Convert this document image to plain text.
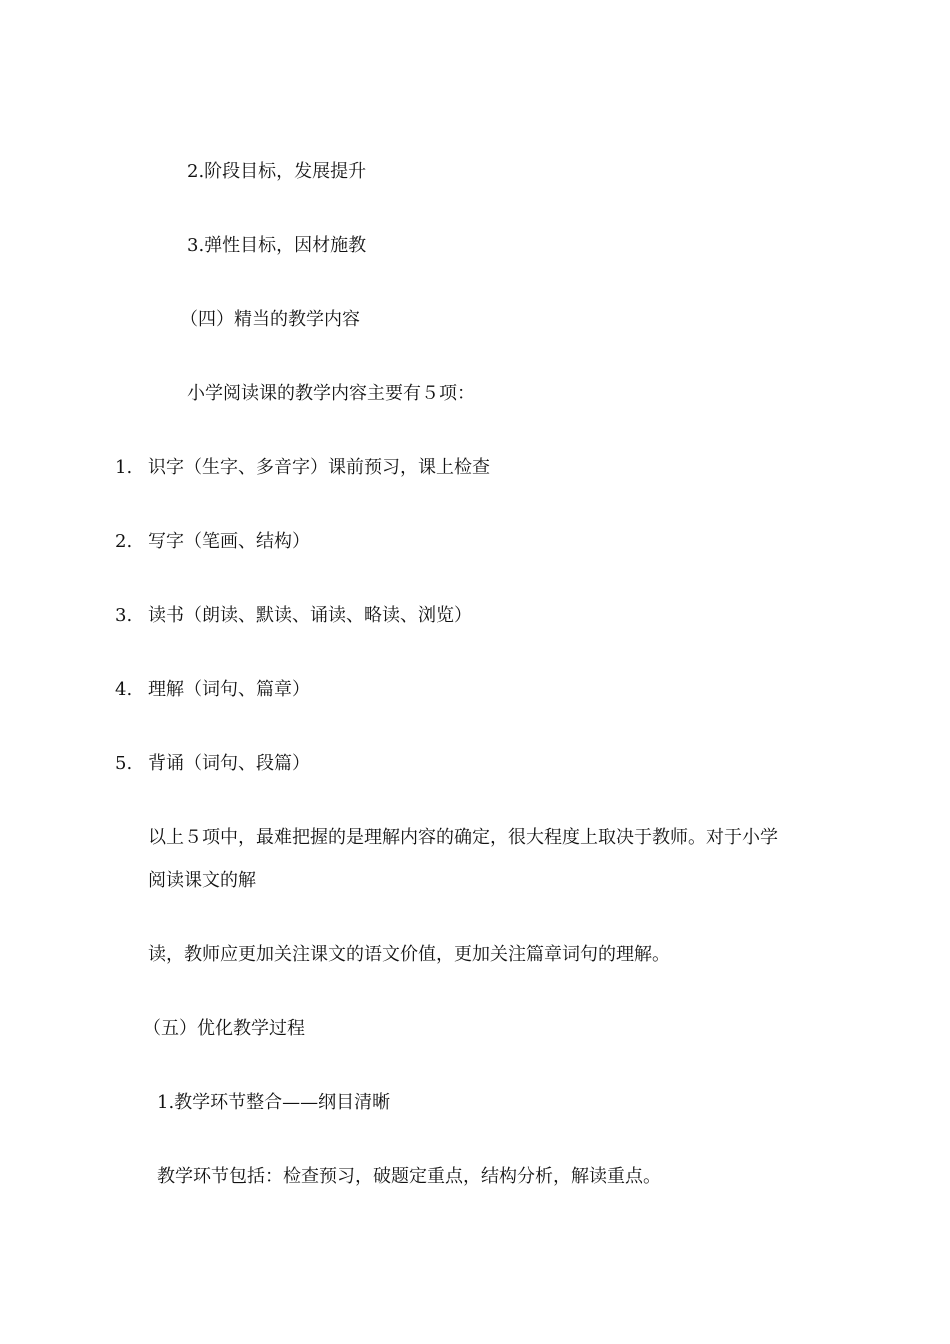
2.阶段目标，发展提升
3.弹性目标，因材施教
（四）精当的教学内容
小学阅读课的教学内容主要有５项：
1. 识字（生字、多音字）课前预习，课上检查
2. 写字（笔画、结构）
3. 读书（朗读、默读、诵读、略读、浏览）
4. 理解（词句、篇章）
5. 背诵（词句、段篇）
以上５项中，最难把握的是理解内容的确定，很大程度上取决于教师。对于小学
阅读课文的解
读，教师应更加关注课文的语文价值，更加关注篇章词句的理解。
（五）优化教学过程
1.教学环节整合——纲目清晰
教学环节包括：检查预习，破题定重点，结构分析，解读重点。
